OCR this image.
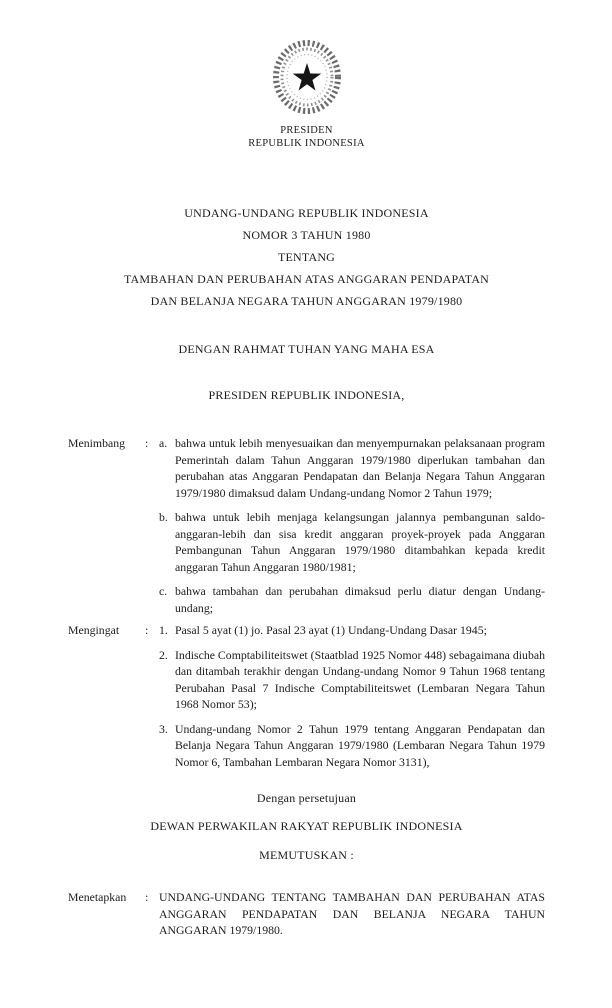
PRESIDEN
REPUBLIK INDONESIA
UNDANG-UNDANG REPUBLIK INDONESIA
NOMOR 3 TAHUN 1980
TENTANG
TAMBAHAN DAN PERUBAHAN ATAS ANGGARAN PENDAPATAN
DAN BELANJA NEGARA TAHUN ANGGARAN 1979/1980
DENGAN RAHMAT TUHAN YANG MAHA ESA
PRESIDEN REPUBLIK INDONESIA,
Menimbang	: a. bahwa untuk lebih menyesuaikan dan menyempurnakan pelaksanaan program Pemerintah dalam Tahun Anggaran 1979/1980 diperlukan tambahan dan perubahan atas Anggaran Pendapatan dan Belanja Negara Tahun Anggaran 1979/1980 dimaksud dalam Undang-undang Nomor 2 Tahun 1979;
b. bahwa untuk lebih menjaga kelangsungan jalannya pembangunan saldo-anggaran-lebih dan sisa kredit anggaran proyek-proyek pada Anggaran Pembangunan Tahun Anggaran 1979/1980 ditambahkan kepada kredit anggaran Tahun Anggaran 1980/1981;
c. bahwa tambahan dan perubahan dimaksud perlu diatur dengan Undang-undang;
Mengingat	: 1. Pasal 5 ayat (1) jo. Pasal 23 ayat (1) Undang-Undang Dasar 1945;
2. Indische Comptabiliteitswet (Staatblad 1925 Nomor 448) sebagaimana diubah dan ditambah terakhir dengan Undang-undang Nomor 9 Tahun 1968 tentang Perubahan Pasal 7 Indische Comptabiliteitswet (Lembaran Negara Tahun 1968 Nomor 53);
3. Undang-undang Nomor 2 Tahun 1979 tentang Anggaran Pendapatan dan Belanja Negara Tahun Anggaran 1979/1980 (Lembaran Negara Tahun 1979 Nomor 6, Tambahan Lembaran Negara Nomor 3131),
Dengan persetujuan
DEWAN PERWAKILAN RAKYAT REPUBLIK INDONESIA
MEMUTUSKAN :
Menetapkan	: UNDANG-UNDANG TENTANG TAMBAHAN DAN PERUBAHAN ATAS ANGGARAN PENDAPATAN DAN BELANJA NEGARA TAHUN ANGGARAN 1979/1980.
